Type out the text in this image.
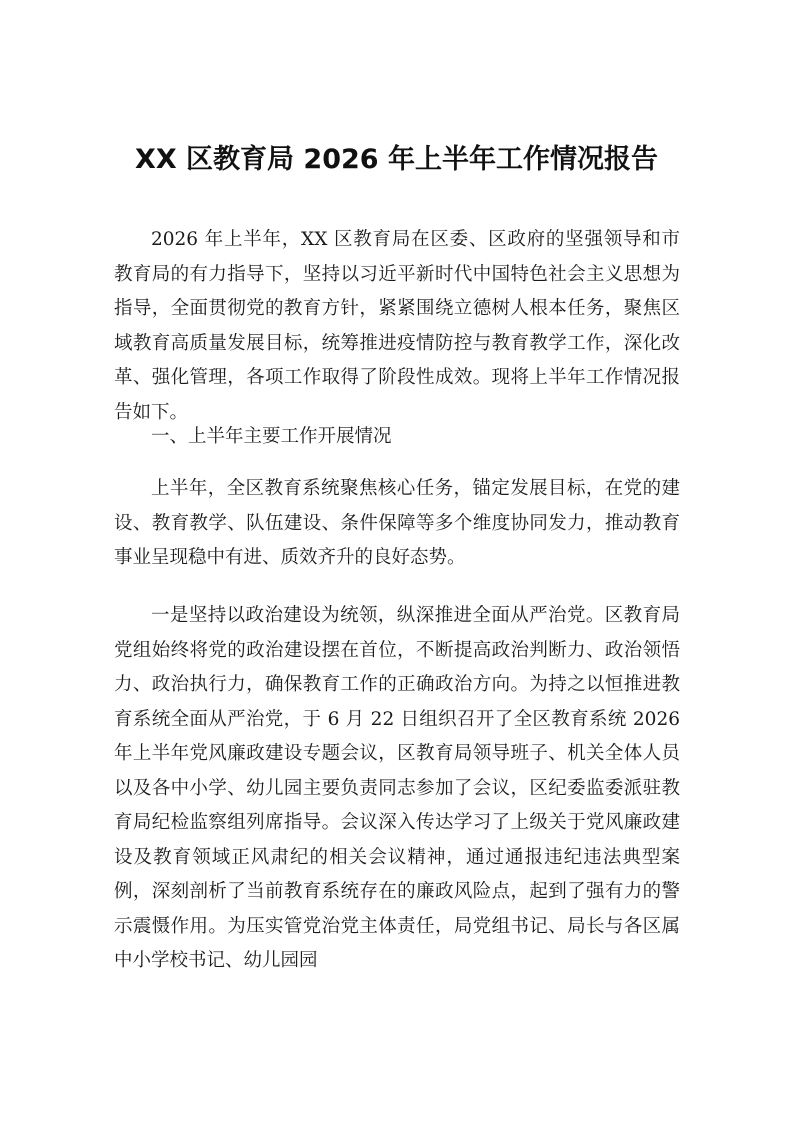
XX 区教育局 2026 年上半年工作情况报告

2026 年上半年，XX 区教育局在区委、区政府的坚强领导和市教育局的有力指导下，坚持以习近平新时代中国特色社会主义思想为指导，全面贯彻党的教育方针，紧紧围绕立德树人根本任务，聚焦区域教育高质量发展目标，统筹推进疫情防控与教育教学工作，深化改革、强化管理，各项工作取得了阶段性成效。现将上半年工作情况报告如下。

一、上半年主要工作开展情况

上半年，全区教育系统聚焦核心任务，锚定发展目标，在党的建设、教育教学、队伍建设、条件保障等多个维度协同发力，推动教育事业呈现稳中有进、质效齐升的良好态势。

一是坚持以政治建设为统领，纵深推进全面从严治党。区教育局党组始终将党的政治建设摆在首位，不断提高政治判断力、政治领悟力、政治执行力，确保教育工作的正确政治方向。为持之以恒推进教育系统全面从严治党，于 6 月 22 日组织召开了全区教育系统 2026 年上半年党风廉政建设专题会议，区教育局领导班子、机关全体人员以及各中小学、幼儿园主要负责同志参加了会议，区纪委监委派驻教育局纪检监察组列席指导。会议深入传达学习了上级关于党风廉政建设及教育领域正风肃纪的相关会议精神，通过通报违纪违法典型案例，深刻剖析了当前教育系统存在的廉政风险点，起到了强有力的警示震慑作用。为压实管党治党主体责任，局党组书记、局长与各区属中小学校书记、幼儿园园
